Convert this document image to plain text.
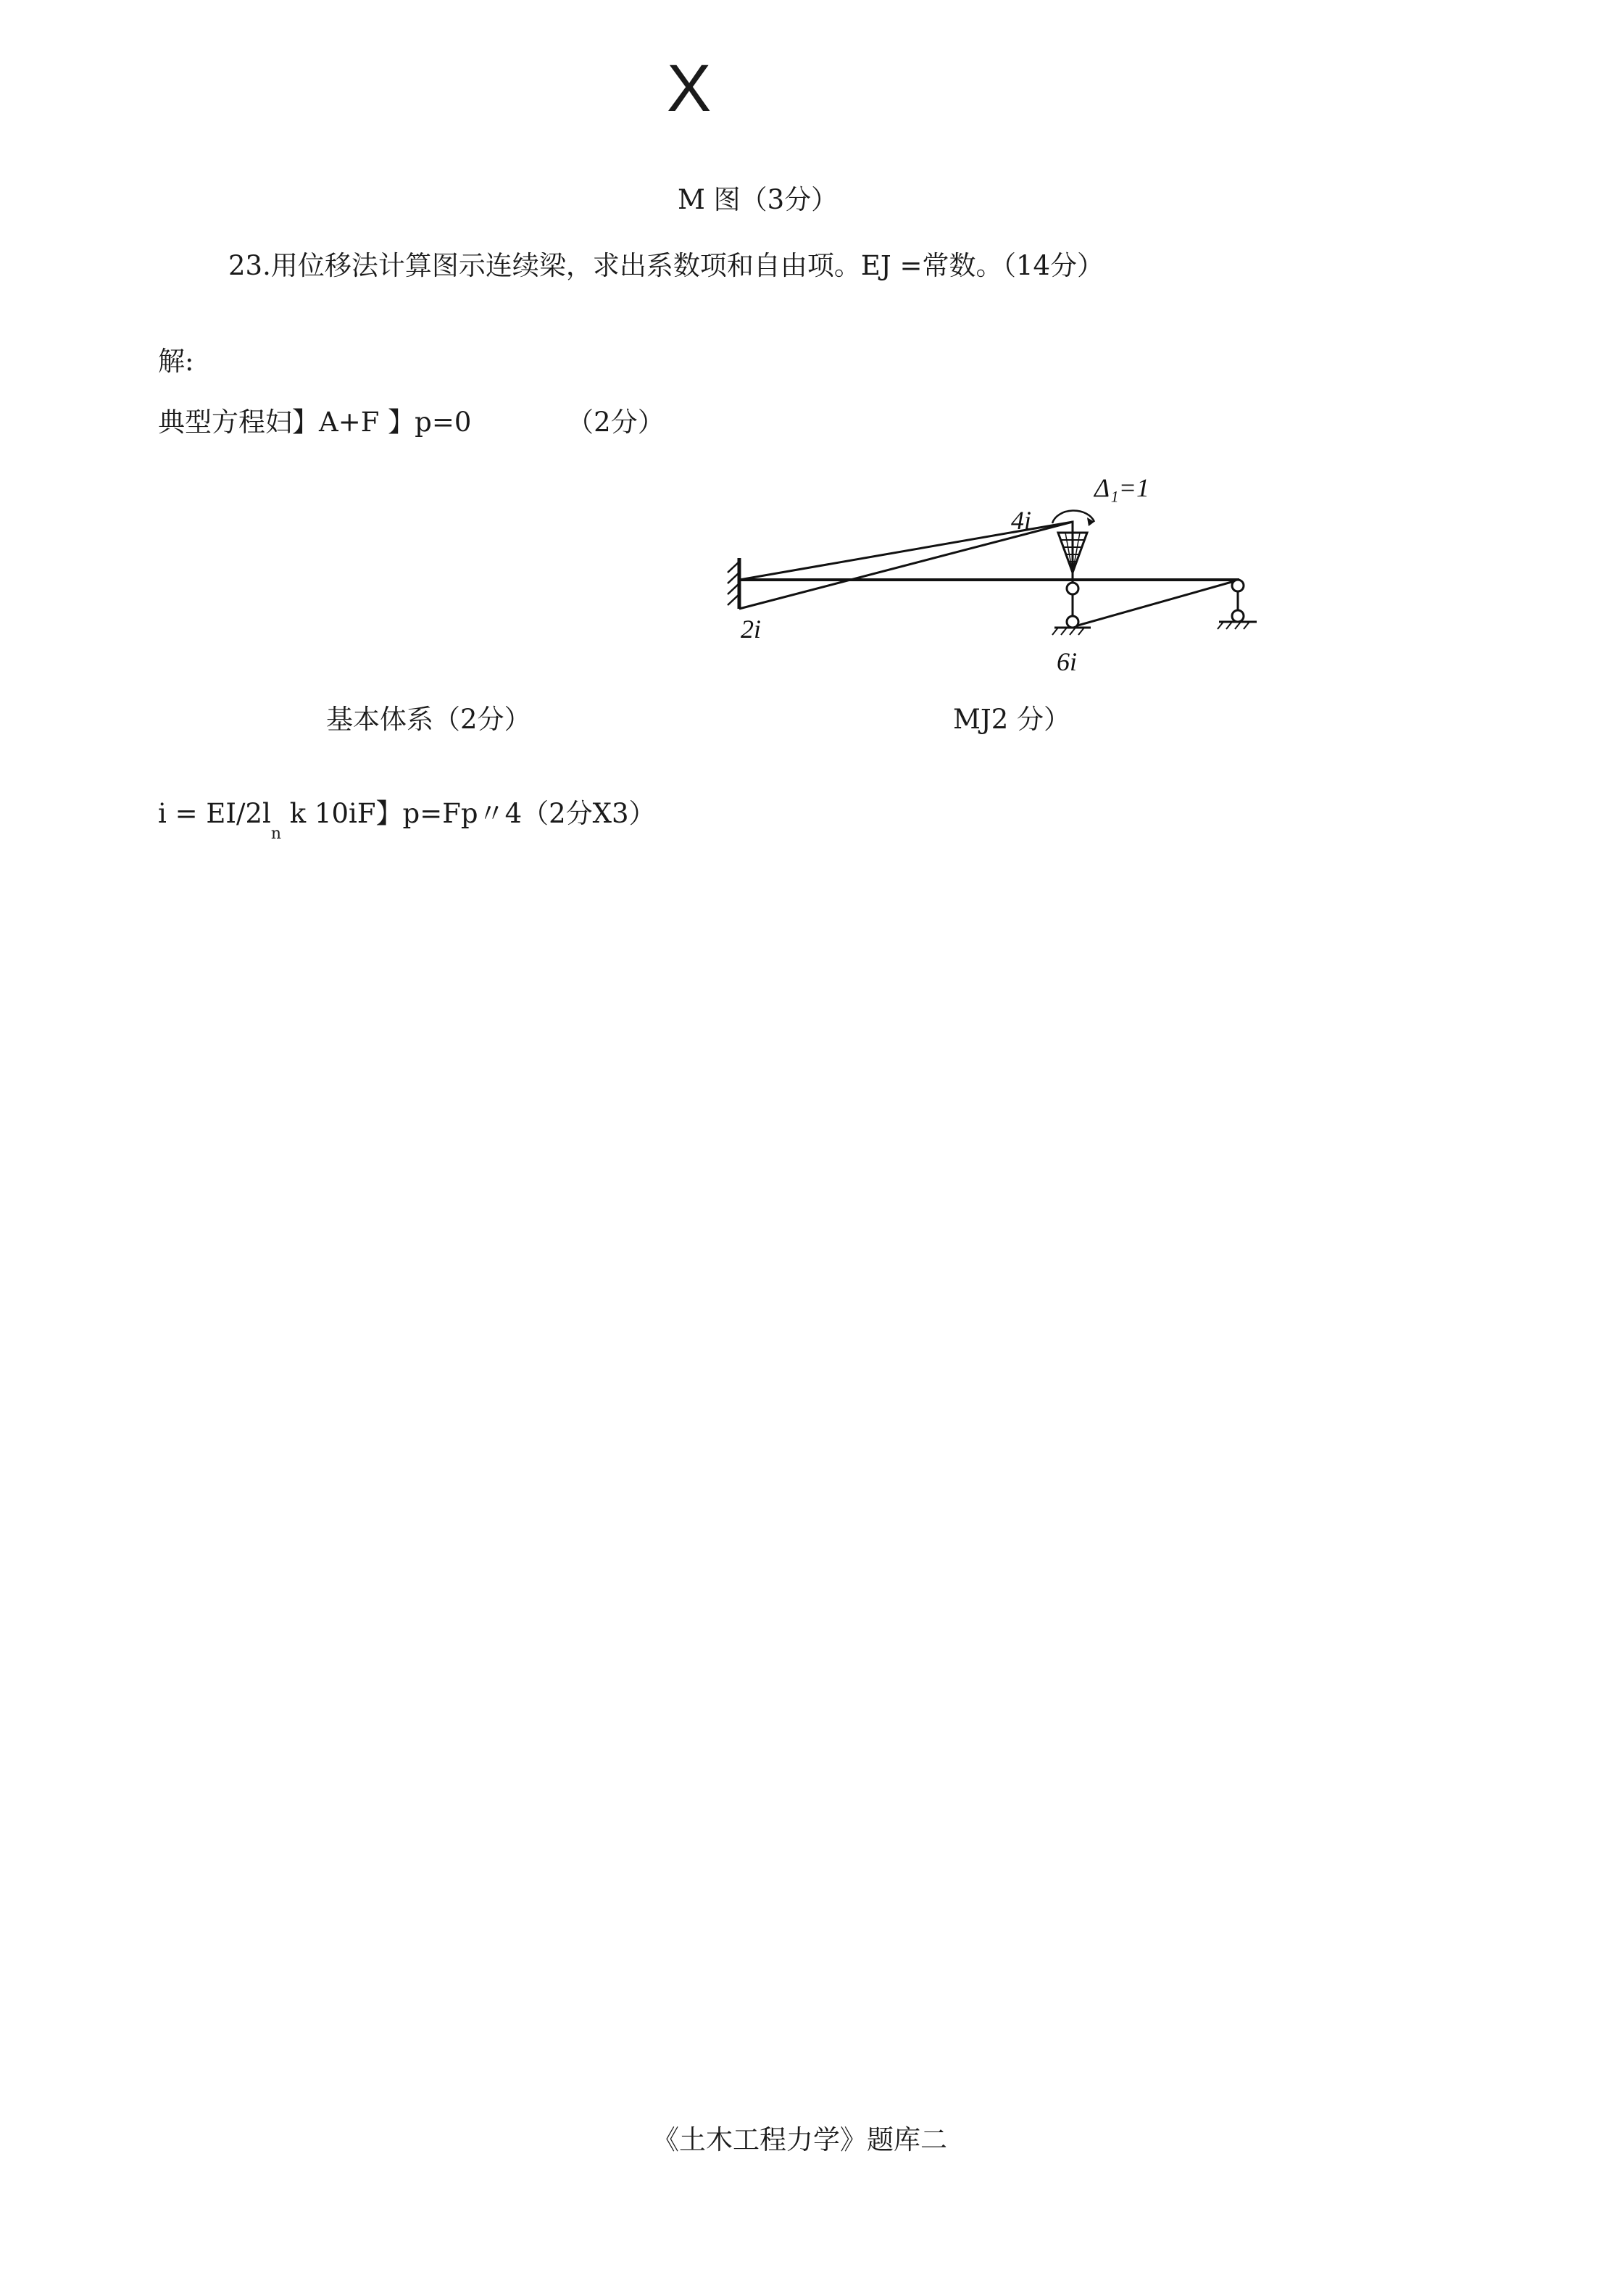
X
M 图（3分）
23.用位移法计算图示连续梁，求出系数项和自由项。EJ =常数。（14分）
解:
典型方程妇】A+F 】p=0	（2分）
Δ₁=1
4i
2i
6i
基本体系（2分）	MJ2 分）
$i = EI/2l_n$ k 10iF】p=Fp〃4（2分X3）
《土木工程力学》题库二
